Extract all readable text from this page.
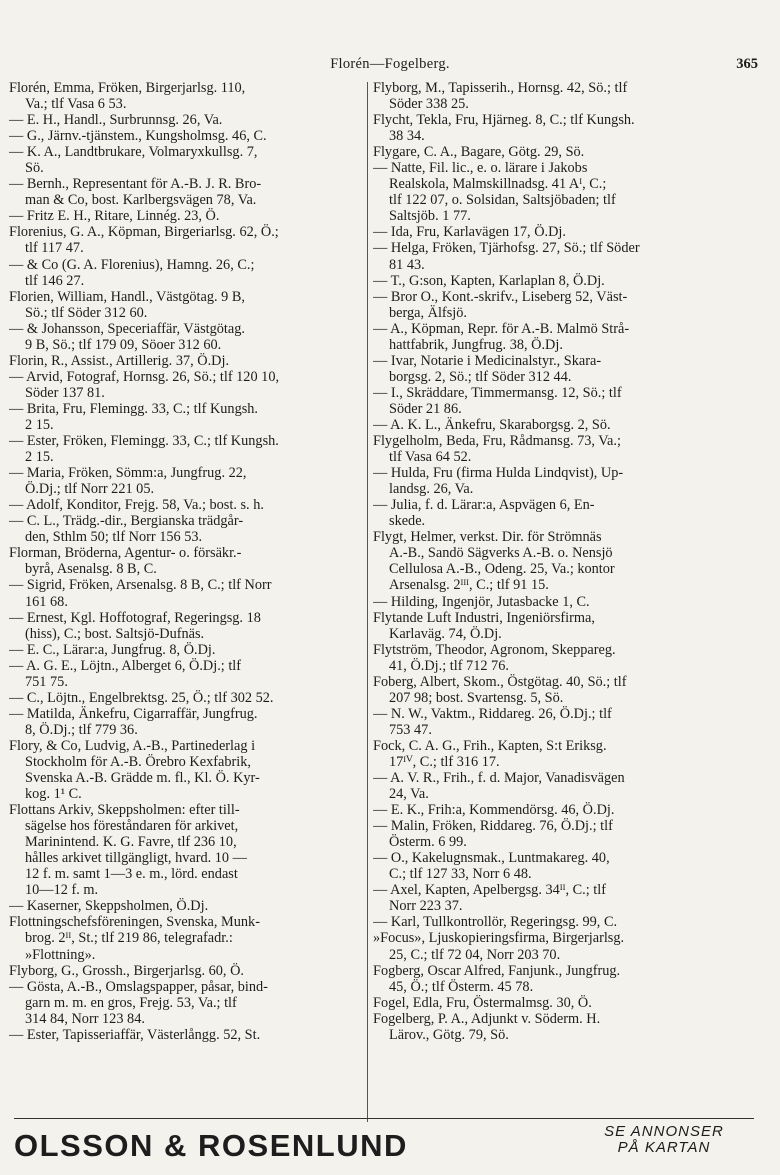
Florén—Fogelberg.	365
Florén, Emma, Fröken, Birgerjarlsg. 110,
Va.; tlf Vasa 6 53.
— E. H., Handl., Surbrunnsg. 26, Va.
— G., Järnv.-tjänstem., Kungsholmsg. 46, C.
— K. A., Landtbrukare, Volmaryxkullsg. 7,
Sö.
— Bernh., Representant för A.-B. J. R. Bro-
man & Co, bost. Karlbergsvägen 78, Va.
— Fritz E. H., Ritare, Linnég. 23, Ö.
Florenius, G. A., Köpman, Birgeriarlsg. 62, Ö.;
tlf 117 47.
— & Co (G. A. Florenius), Hamng. 26, C.;
tlf 146 27.
Florien, William, Handl., Västgötag. 9 B,
Sö.; tlf Söder 312 60.
— & Johansson, Speceriaffär, Västgötag.
9 B, Sö.; tlf 179 09, Söoer 312 60.
Florin, R., Assist., Artillerig. 37, Ö.Dj.
— Arvid, Fotograf, Hornsg. 26, Sö.; tlf 120 10,
Söder 137 81.
— Brita, Fru, Flemingg. 33, C.; tlf Kungsh.
2 15.
— Ester, Fröken, Flemingg. 33, C.; tlf Kungsh.
2 15.
— Maria, Fröken, Sömm:a, Jungfrug. 22,
Ö.Dj.; tlf Norr 221 05.
— Adolf, Konditor, Frejg. 58, Va.; bost. s. h.
— C. L., Trädg.-dir., Bergianska trädgår-
den, Sthlm 50; tlf Norr 156 53.
Florman, Bröderna, Agentur- o. försäkr.-
byrå, Asenalsg. 8 B, C.
— Sigrid, Fröken, Arsenalsg. 8 B, C.; tlf Norr
161 68.
— Ernest, Kgl. Hoffotograf, Regeringsg. 18
(hiss), C.; bost. Saltsjö-Dufnäs.
— E. C., Lärar:a, Jungfrug. 8, Ö.Dj.
— A. G. E., Löjtn., Alberget 6, Ö.Dj.; tlf
751 75.
— C., Löjtn., Engelbrektsg. 25, Ö.; tlf 302 52.
— Matilda, Änkefru, Cigarraffär, Jungfrug.
8, Ö.Dj.; tlf 779 36.
Flory, & Co, Ludvig, A.-B., Partinederlag i
Stockholm för A.-B. Örebro Kexfabrik,
Svenska A.-B. Grädde m. fl., Kl. Ö. Kyr-
kog. 1¹ C.
Flottans Arkiv, Skeppsholmen: efter till-
sägelse hos föreståndaren för arkivet,
Marinintend. K. G. Favre, tlf 236 10,
hålles arkivet tillgängligt, hvard. 10 —
12 f. m. samt 1—3 e. m., lörd. endast
10—12 f. m.
— Kaserner, Skeppsholmen, Ö.Dj.
Flottningschefsföreningen, Svenska, Munk-
brog. 2ᴵᴵ, St.; tlf 219 86, telegrafadr.:
»Flottning».
Flyborg, G., Grossh., Birgerjarlsg. 60, Ö.
— Gösta, A.-B., Omslagspapper, påsar, bind-
garn m. m. en gros, Frejg. 53, Va.; tlf
314 84, Norr 123 84.
— Ester, Tapisseriaffär, Västerlångg. 52, St.
Flyborg, M., Tapisserih., Hornsg. 42, Sö.; tlf
Söder 338 25.
Flycht, Tekla, Fru, Hjärneg. 8, C.; tlf Kungsh.
38 34.
Flygare, C. A., Bagare, Götg. 29, Sö.
— Natte, Fil. lic., e. o. lärare i Jakobs
Realskola, Malmskillnadsg. 41 Aᴵ, C.;
tlf 122 07, o. Solsidan, Saltsjöbaden; tlf
Saltsjöb. 1 77.
— Ida, Fru, Karlavägen 17, Ö.Dj.
— Helga, Fröken, Tjärhofsg. 27, Sö.; tlf Söder
81 43.
— T., G:son, Kapten, Karlaplan 8, Ö.Dj.
— Bror O., Kont.-skrifv., Liseberg 52, Väst-
berga, Älfsjö.
— A., Köpman, Repr. för A.-B. Malmö Strå-
hattfabrik, Jungfrug. 38, Ö.Dj.
— Ivar, Notarie i Medicinalstyr., Skara-
borgsg. 2, Sö.; tlf Söder 312 44.
— I., Skräddare, Timmermansg. 12, Sö.; tlf
Söder 21 86.
— A. K. L., Änkefru, Skaraborgsg. 2, Sö.
Flygelholm, Beda, Fru, Rådmansg. 73, Va.;
tlf Vasa 64 52.
— Hulda, Fru (firma Hulda Lindqvist), Up-
landsg. 26, Va.
— Julia, f. d. Lärar:a, Aspvägen 6, En-
skede.
Flygt, Helmer, verkst. Dir. för Strömnäs
A.-B., Sandö Sägverks A.-B. o. Nensjö
Cellulosa A.-B., Odeng. 25, Va.; kontor
Arsenalsg. 2ᴵᴵᴵ, C.; tlf 91 15.
— Hilding, Ingenjör, Jutasbacke 1, C.
Flytande Luft Industri, Ingeniörsfirma,
Karlaväg. 74, Ö.Dj.
Flytström, Theodor, Agronom, Skeppareg.
41, Ö.Dj.; tlf 712 76.
Foberg, Albert, Skom., Östgötag. 40, Sö.; tlf
207 98; bost. Svartensg. 5, Sö.
— N. W., Vaktm., Riddareg. 26, Ö.Dj.; tlf
753 47.
Fock, C. A. G., Frih., Kapten, S:t Eriksg.
17ᴵⱽ, C.; tlf 316 17.
— A. V. R., Frih., f. d. Major, Vanadisvägen
24, Va.
— E. K., Frih:a, Kommendörsg. 46, Ö.Dj.
— Malin, Fröken, Riddareg. 76, Ö.Dj.; tlf
Österm. 6 99.
— O., Kakelugnsmak., Luntmakareg. 40,
C.; tlf 127 33, Norr 6 48.
— Axel, Kapten, Apelbergsg. 34ᴵᴵ, C.; tlf
Norr 223 37.
— Karl, Tullkontrollör, Regeringsg. 99, C.
»Focus», Ljuskopieringsfirma, Birgerjarlsg.
25, C.; tlf 72 04, Norr 203 70.
Fogberg, Oscar Alfred, Fanjunk., Jungfrug.
45, Ö.; tlf Österm. 45 78.
Fogel, Edla, Fru, Östermalmsg. 30, Ö.
Fogelberg, P. A., Adjunkt v. Söderm. H.
Lärov., Götg. 79, Sö.
OLSSON & ROSENLUND	SE ANNONSER
PÅ KARTAN
